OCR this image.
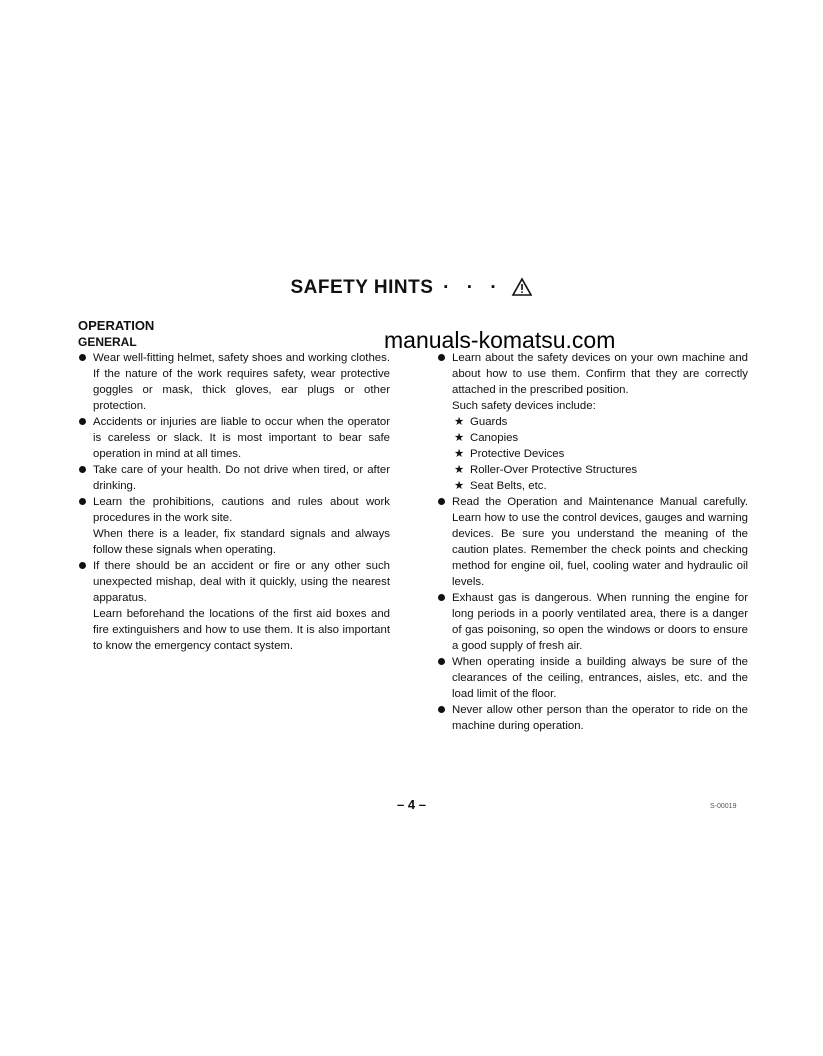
SAFETY HINTS · · ·
manuals-komatsu.com
OPERATION
GENERAL
Wear well-fitting helmet, safety shoes and working clothes. If the nature of the work requires safety, wear protective goggles or mask, thick gloves, ear plugs or other protection.
Accidents or injuries are liable to occur when the operator is careless or slack. It is most important to bear safe operation in mind at all times.
Take care of your health. Do not drive when tired, or after drinking.
Learn the prohibitions, cautions and rules about work procedures in the work site.
When there is a leader, fix standard signals and always follow these signals when operating.
If there should be an accident or fire or any other such unexpected mishap, deal with it quickly, using the nearest apparatus.
Learn beforehand the locations of the first aid boxes and fire extinguishers and how to use them. It is also important to know the emergency contact system.
Learn about the safety devices on your own machine and about how to use them. Confirm that they are correctly attached in the prescribed position.
Such safety devices include:
★ Guards
★ Canopies
★ Protective Devices
★ Roller-Over Protective Structures
★ Seat Belts, etc.
Read the Operation and Maintenance Manual carefully. Learn how to use the control devices, gauges and warning devices. Be sure you understand the meaning of the caution plates. Remember the check points and checking method for engine oil, fuel, cooling water and hydraulic oil levels.
Exhaust gas is dangerous. When running the engine for long periods in a poorly ventilated area, there is a danger of gas poisoning, so open the windows or doors to ensure a good supply of fresh air.
When operating inside a building always be sure of the clearances of the ceiling, entrances, aisles, etc. and the load limit of the floor.
Never allow other person than the operator to ride on the machine during operation.
– 4 –	S-00019
